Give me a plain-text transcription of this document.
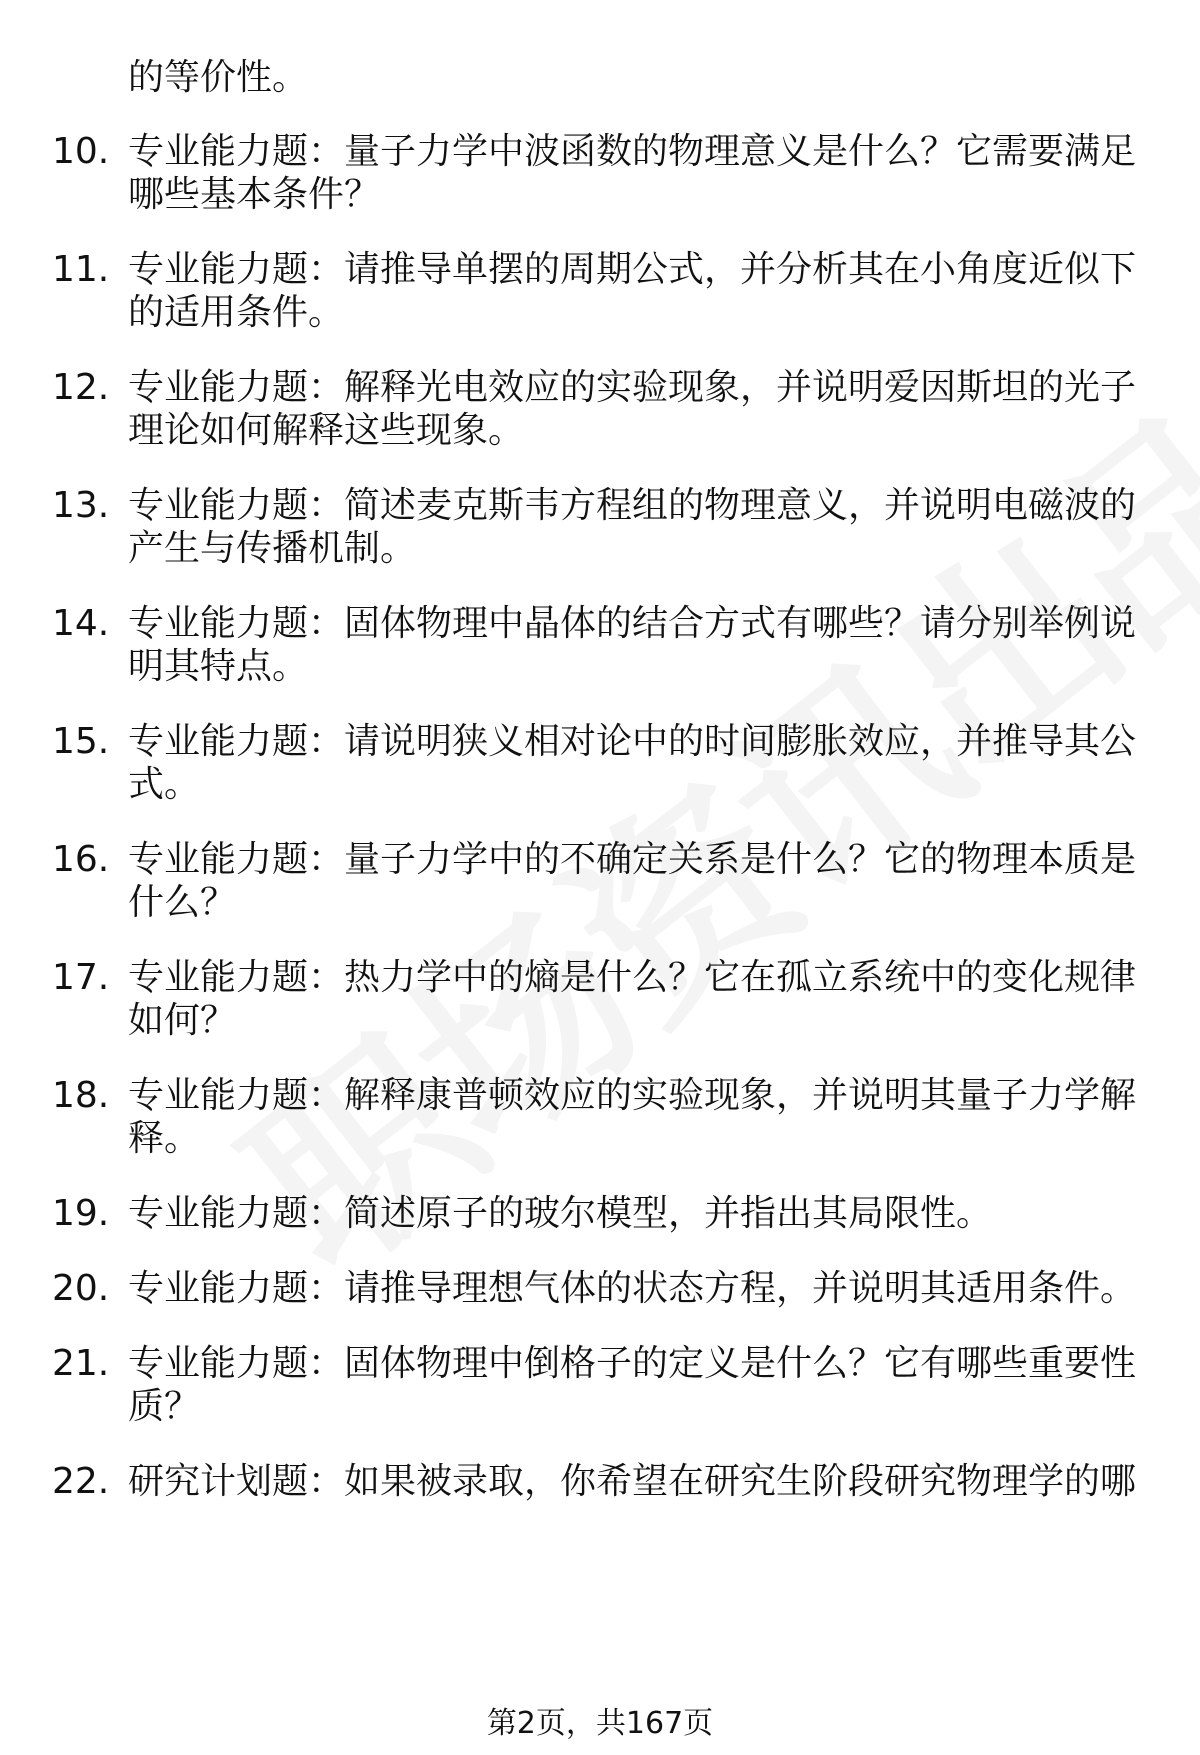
的等价性。
10. 专业能力题：量子力学中波函数的物理意义是什么？它需要满足
哪些基本条件？
11. 专业能力题：请推导单摆的周期公式，并分析其在小角度近似下
的适用条件。
12. 专业能力题：解释光电效应的实验现象，并说明爱因斯坦的光子
理论如何解释这些现象。
13. 专业能力题：简述麦克斯韦方程组的物理意义，并说明电磁波的
产生与传播机制。
14. 专业能力题：固体物理中晶体的结合方式有哪些？请分别举例说
明其特点。
15. 专业能力题：请说明狭义相对论中的时间膨胀效应，并推导其公
式。
16. 专业能力题：量子力学中的不确定关系是什么？它的物理本质是
什么？
17. 专业能力题：热力学中的熵是什么？它在孤立系统中的变化规律
如何？
18. 专业能力题：解释康普顿效应的实验现象，并说明其量子力学解
释。
19. 专业能力题：简述原子的玻尔模型，并指出其局限性。
20. 专业能力题：请推导理想气体的状态方程，并说明其适用条件。
21. 专业能力题：固体物理中倒格子的定义是什么？它有哪些重要性
质？
22. 研究计划题：如果被录取，你希望在研究生阶段研究物理学的哪
第2页，共167页
